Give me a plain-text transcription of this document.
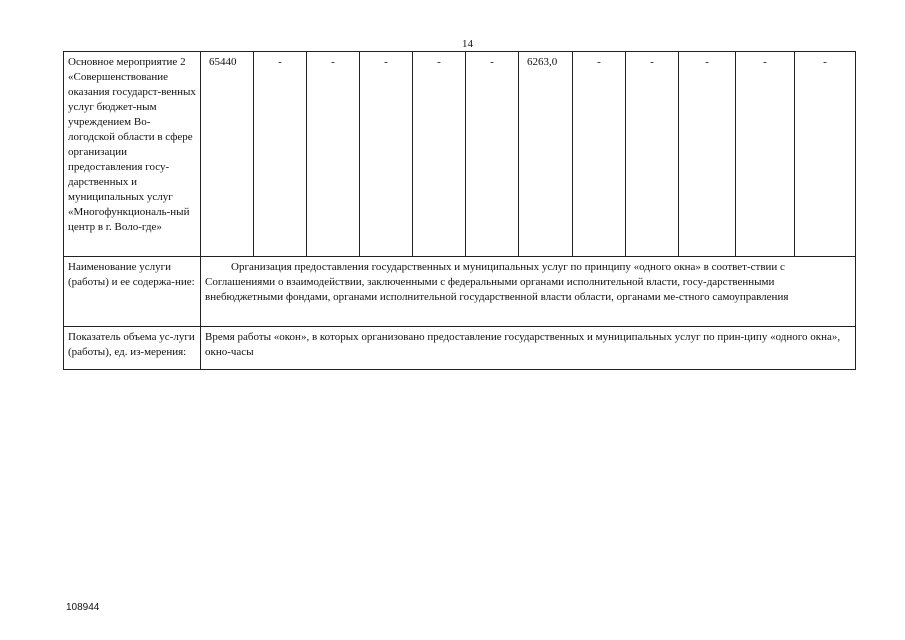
14
Основное мероприятие 2 «Совершенствование оказания государст-венных услуг бюджет-ным учреждением Во-логодской области в сфере организации предоставления госу-дарственных и муниципальных услуг «Многофункциональ-ный центр в г. Воло-где»	65440	-	-	-	-	-	6263,0	-	-	-	-	-
Наименование услуги (работы) и ее содержа-ние:	Организация предоставления государственных и муниципальных услуг по принципу «одного окна» в соответ-ствии с Соглашениями о взаимодействии, заключенными с федеральными органами исполнительной власти, госу-дарственными внебюджетными фондами, органами исполнительной государственной власти области, органами ме-стного самоуправления											
Показатель объема ус-луги (работы), ед. из-мерения:	Время работы «окон», в которых организовано предоставление государственных и муниципальных услуг по прин-ципу «одного окна», окно-часы											
108944
